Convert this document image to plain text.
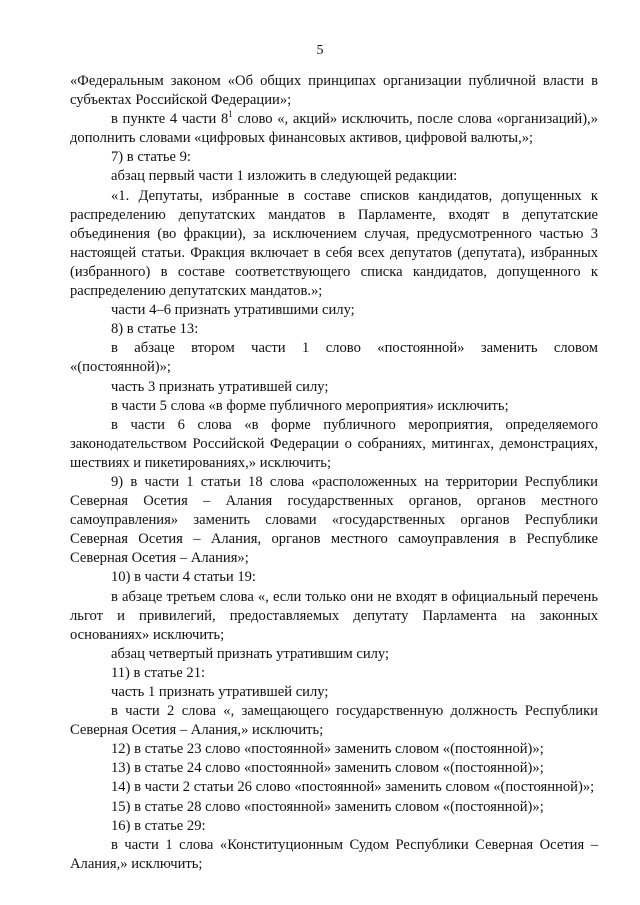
5

«Федеральным законом «Об общих принципах организации публичной власти в субъектах Российской Федерации»;

в пункте 4 части $8^1$ слово «, акций» исключить, после слова «организаций),» дополнить словами «цифровых финансовых активов, цифровой валюты,»;

7) в статье 9:

абзац первый части 1 изложить в следующей редакции:

«1. Депутаты, избранные в составе списков кандидатов, допущенных к распределению депутатских мандатов в Парламенте, входят в депутатские объединения (во фракции), за исключением случая, предусмотренного частью 3 настоящей статьи. Фракция включает в себя всех депутатов (депутата), избранных (избранного) в составе соответствующего списка кандидатов, допущенного к распределению депутатских мандатов.»;

части 4–6 признать утратившими силу;

8) в статье 13:

в абзаце втором части 1 слово «постоянной» заменить словом «(постоянной)»;

часть 3 признать утратившей силу;

в части 5 слова «в форме публичного мероприятия» исключить;

в части 6 слова «в форме публичного мероприятия, определяемого законодательством Российской Федерации о собраниях, митингах, демонстрациях, шествиях и пикетированиях,» исключить;

9) в части 1 статьи 18 слова «расположенных на территории Республики Северная Осетия – Алания государственных органов, органов местного самоуправления» заменить словами «государственных органов Республики Северная Осетия – Алания, органов местного самоуправления в Республике Северная Осетия – Алания»;

10) в части 4 статьи 19:

в абзаце третьем слова «, если только они не входят в официальный перечень льгот и привилегий, предоставляемых депутату Парламента на законных основаниях» исключить;

абзац четвертый признать утратившим силу;

11) в статье 21:

часть 1 признать утратившей силу;

в части 2 слова «, замещающего государственную должность Республики Северная Осетия – Алания,» исключить;

12) в статье 23 слово «постоянной» заменить словом «(постоянной)»;

13) в статье 24 слово «постоянной» заменить словом «(постоянной)»;

14) в части 2 статьи 26 слово «постоянной» заменить словом «(постоянной)»;

15) в статье 28 слово «постоянной» заменить словом «(постоянной)»;

16) в статье 29:

в части 1 слова «Конституционным Судом Республики Северная Осетия – Алания,» исключить;
